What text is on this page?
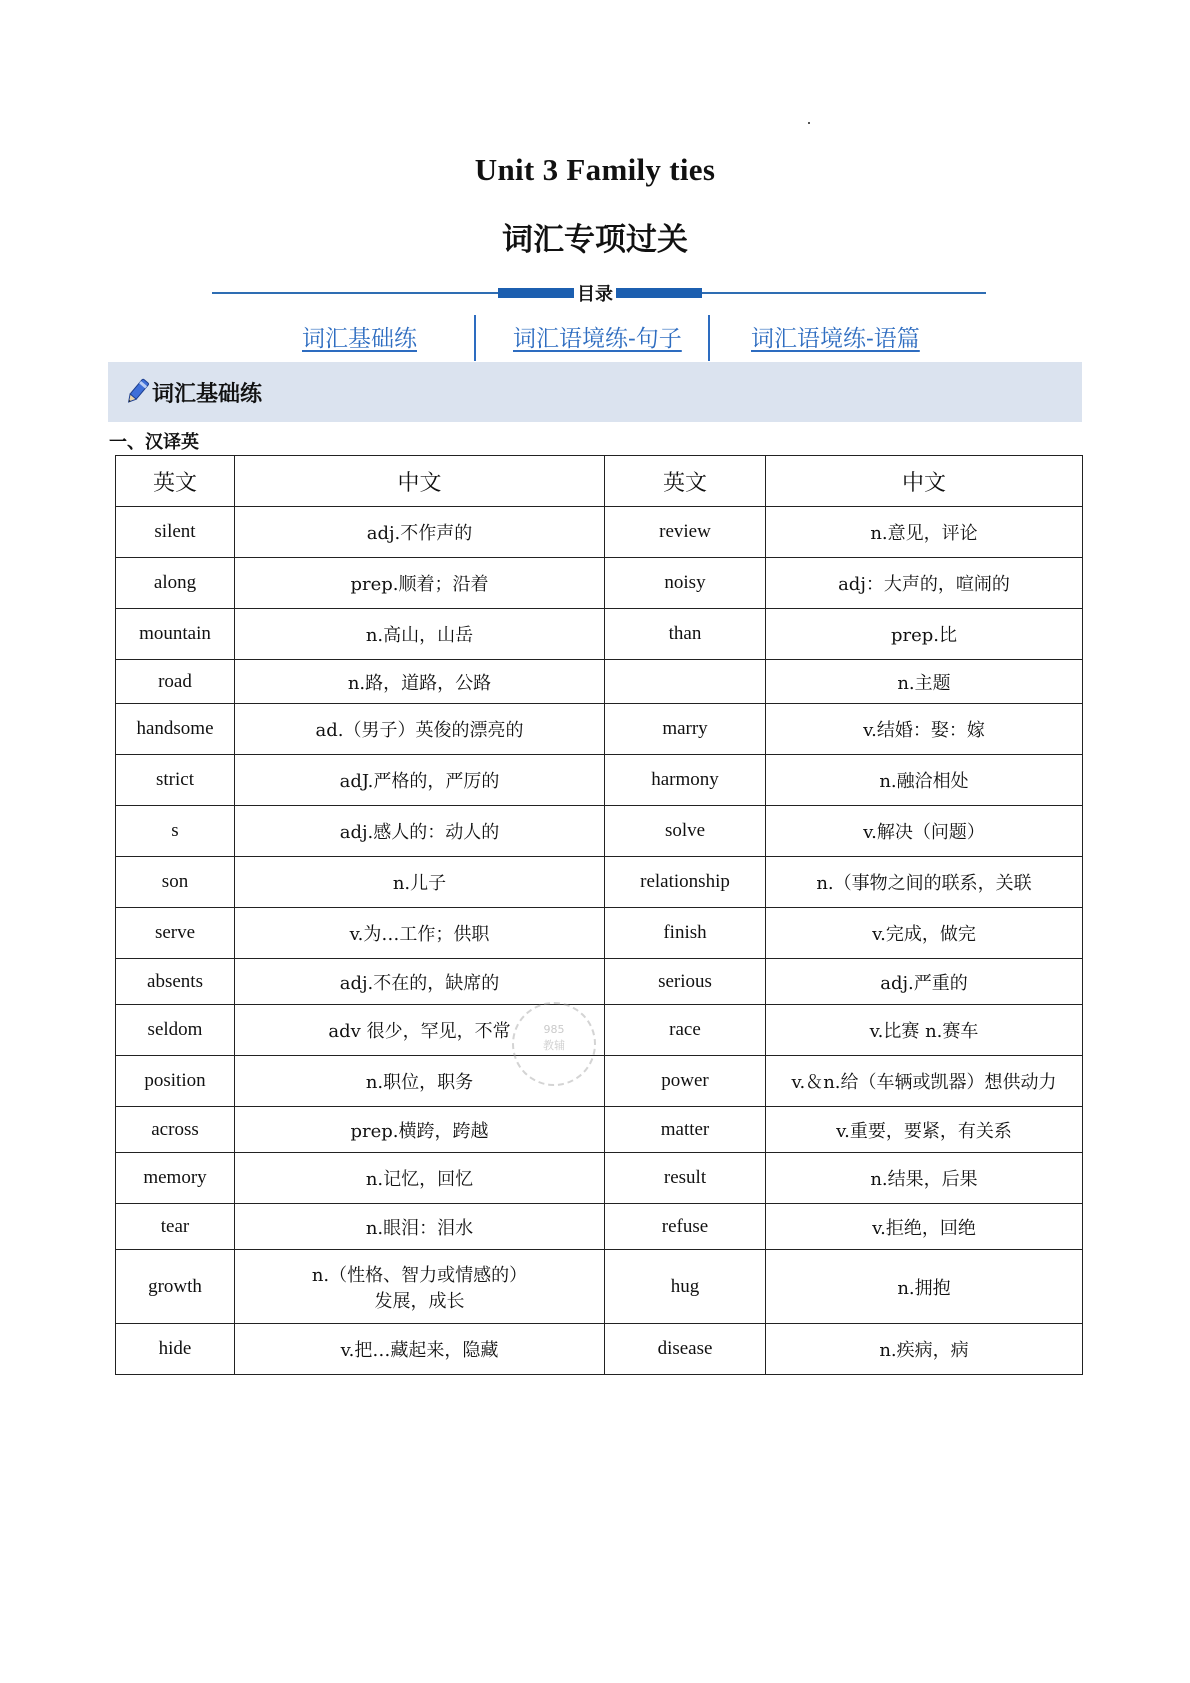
Unit 3 Family ties
词汇专项过关
目录
词汇基础练	词汇语境练-句子	词汇语境练-语篇
词汇基础练
一、汉译英
英文	中文	英文	中文
silent	adj.不作声的	review	n.意见，评论
along	prep.顺着；沿着	noisy	adj：大声的，喧闹的
mountain	n.高山，山岳	than	prep.比
road	n.路，道路，公路		n.主题
handsome	ad.（男子）英俊的漂亮的	marry	v.结婚：娶：嫁
strict	adJ.严格的，严厉的	harmony	n.融洽相处
s	adj.感人的：动人的	solve	v.解决（问题）
son	n.儿子	relationship	n.（事物之间的联系，关联
serve	v.为…工作；供职	finish	v.完成，做完
absents	adj.不在的，缺席的	serious	adj.严重的
seldom	adv 很少，罕见，不常	race	v.比赛 n.赛车
position	n.职位，职务	power	v.＆n.给（车辆或凯器）想供动力
across	prep.横跨，跨越	matter	v.重要，要紧，有关系
memory	n.记忆，回忆	result	n.结果，后果
tear	n.眼泪：泪水	refuse	v.拒绝，回绝
growth	n.（性格、智力或情感的）
发展，成长	hug	n.拥抱
hide	v.把…藏起来，隐藏	disease	n.疾病，病
985
教辅
